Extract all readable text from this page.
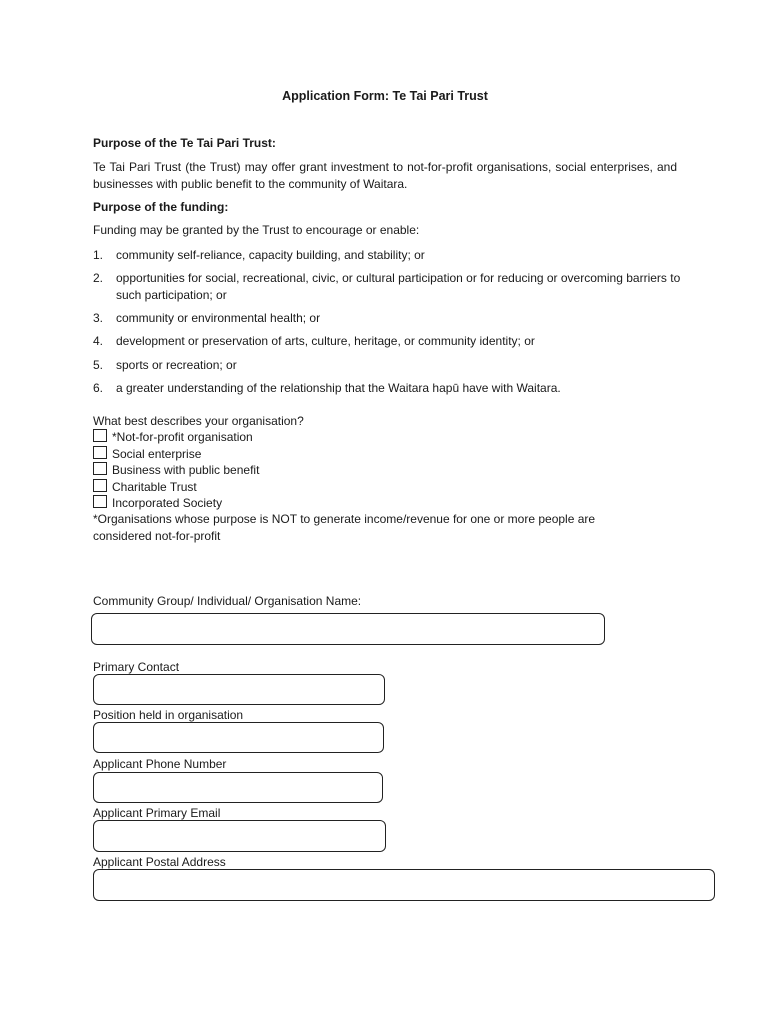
Application Form: Te Tai Pari Trust
Purpose of the Te Tai Pari Trust:
Te Tai Pari Trust (the Trust) may offer grant investment to not-for-profit organisations, social enterprises, and businesses with public benefit to the community of Waitara.
Purpose of the funding:
Funding may be granted by the Trust to encourage or enable:
1. community self-reliance, capacity building, and stability; or
2. opportunities for social, recreational, civic, or cultural participation or for reducing or overcoming barriers to such participation; or
3. community or environmental health; or
4. development or preservation of arts, culture, heritage, or community identity; or
5. sports or recreation; or
6. a greater understanding of the relationship that the Waitara hapū have with Waitara.
What best describes your organisation?
*Not-for-profit organisation
Social enterprise
Business with public benefit
Charitable Trust
Incorporated Society
*Organisations whose purpose is NOT to generate income/revenue for one or more people are
considered not-for-profit
Community Group/ Individual/ Organisation Name:
Primary Contact
Position held in organisation
Applicant Phone Number
Applicant Primary Email
Applicant Postal Address
